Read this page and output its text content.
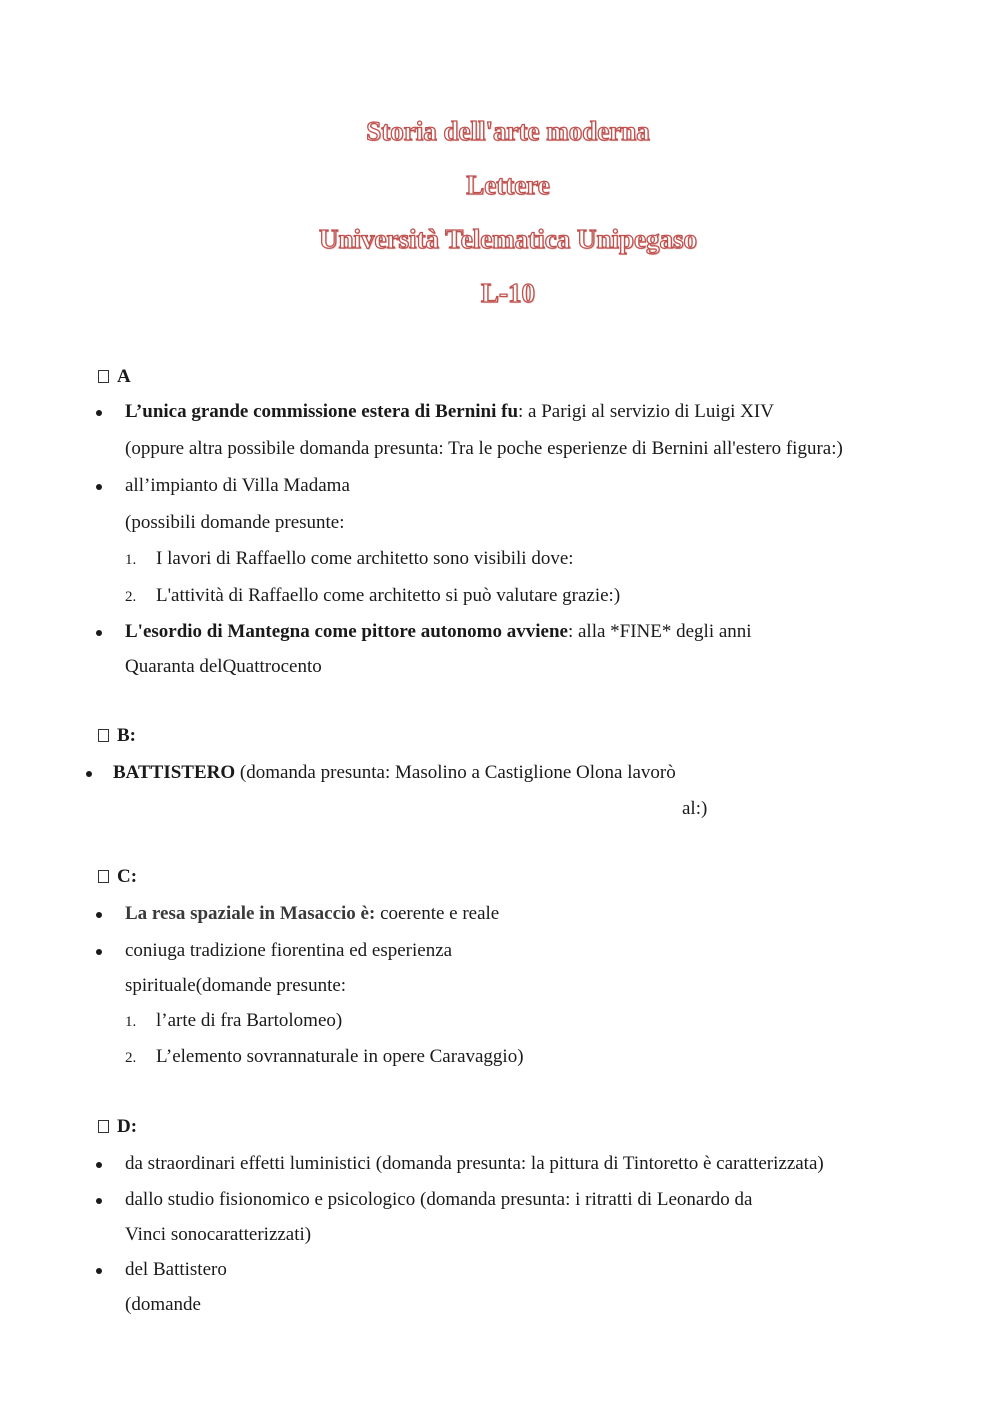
Storia dell'arte moderna
Lettere
Università Telematica Unipegaso
L-10
A
L’unica grande commissione estera di Bernini fu: a Parigi al servizio di Luigi XIV
(oppure altra possibile domanda presunta: Tra le poche esperienze di Bernini all'estero figura:)
all’impianto di Villa Madama
(possibili domande presunte:
1. I lavori di Raffaello come architetto sono visibili dove:
2. L'attività di Raffaello come architetto si può valutare grazie:)
L'esordio di Mantegna come pittore autonomo avviene: alla *FINE* degli anni
Quaranta delQuattrocento
B:
BATTISTERO (domanda presunta: Masolino a Castiglione Olona lavorò
al:)
C:
La resa spaziale in Masaccio è: coerente e reale
coniuga tradizione fiorentina ed esperienza
spirituale(domande presunte:
1. l’arte di fra Bartolomeo)
2. L’elemento sovrannaturale in opere Caravaggio)
D:
da straordinari effetti luministici (domanda presunta: la pittura di Tintoretto è caratterizzata)
dallo studio fisionomico e psicologico (domanda presunta: i ritratti di Leonardo da
Vinci sonocaratterizzati)
del Battistero
(domande
